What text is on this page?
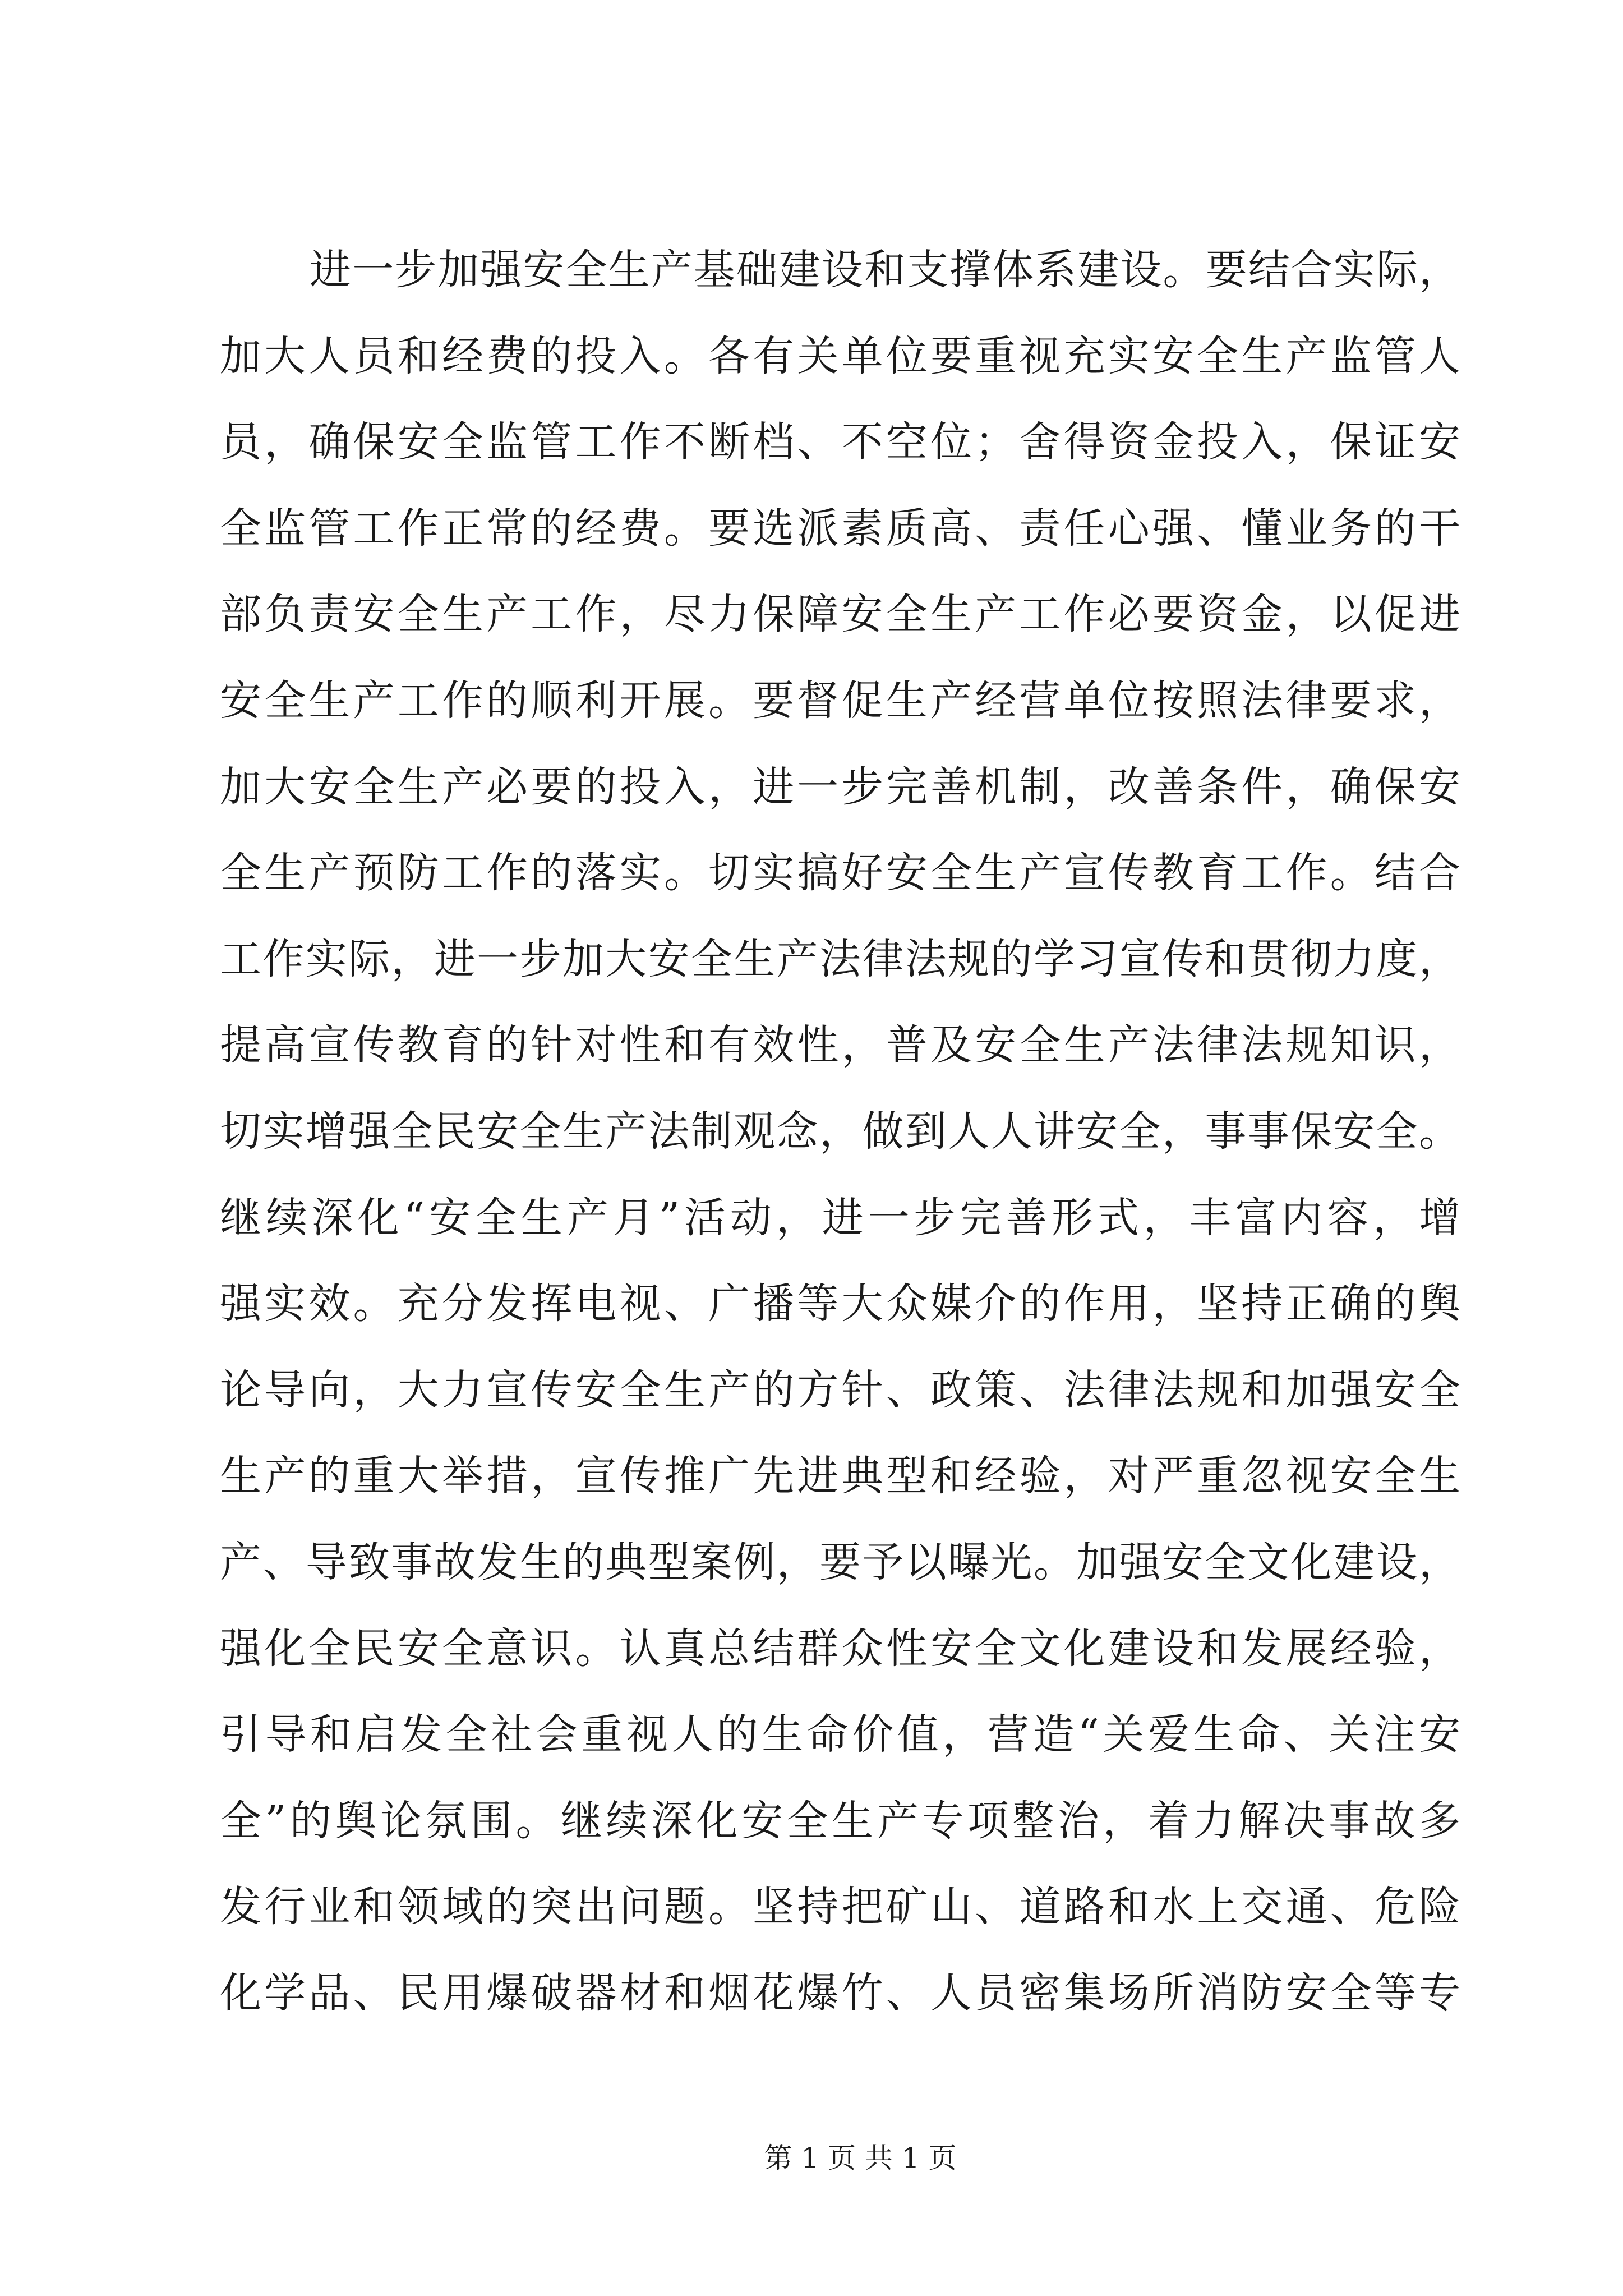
进一步加强安全生产基础建设和支撑体系建设。要结合实际，
加大人员和经费的投入。各有关单位要重视充实安全生产监管人
员，确保安全监管工作不断档、不空位；舍得资金投入，保证安
全监管工作正常的经费。要选派素质高、责任心强、懂业务的干
部负责安全生产工作，尽力保障安全生产工作必要资金，以促进
安全生产工作的顺利开展。要督促生产经营单位按照法律要求，
加大安全生产必要的投入，进一步完善机制，改善条件，确保安
全生产预防工作的落实。切实搞好安全生产宣传教育工作。结合
工作实际，进一步加大安全生产法律法规的学习宣传和贯彻力度，
提高宣传教育的针对性和有效性，普及安全生产法律法规知识，
切实增强全民安全生产法制观念，做到人人讲安全，事事保安全。
继续深化“安全生产月”活动，进一步完善形式，丰富内容，增
强实效。充分发挥电视、广播等大众媒介的作用，坚持正确的舆
论导向，大力宣传安全生产的方针、政策、法律法规和加强安全
生产的重大举措，宣传推广先进典型和经验，对严重忽视安全生
产、导致事故发生的典型案例，要予以曝光。加强安全文化建设，
强化全民安全意识。认真总结群众性安全文化建设和发展经验，
引导和启发全社会重视人的生命价值，营造“关爱生命、关注安
全”的舆论氛围。继续深化安全生产专项整治，着力解决事故多
发行业和领域的突出问题。坚持把矿山、道路和水上交通、危险
化学品、民用爆破器材和烟花爆竹、人员密集场所消防安全等专
第 1 页 共 1 页
